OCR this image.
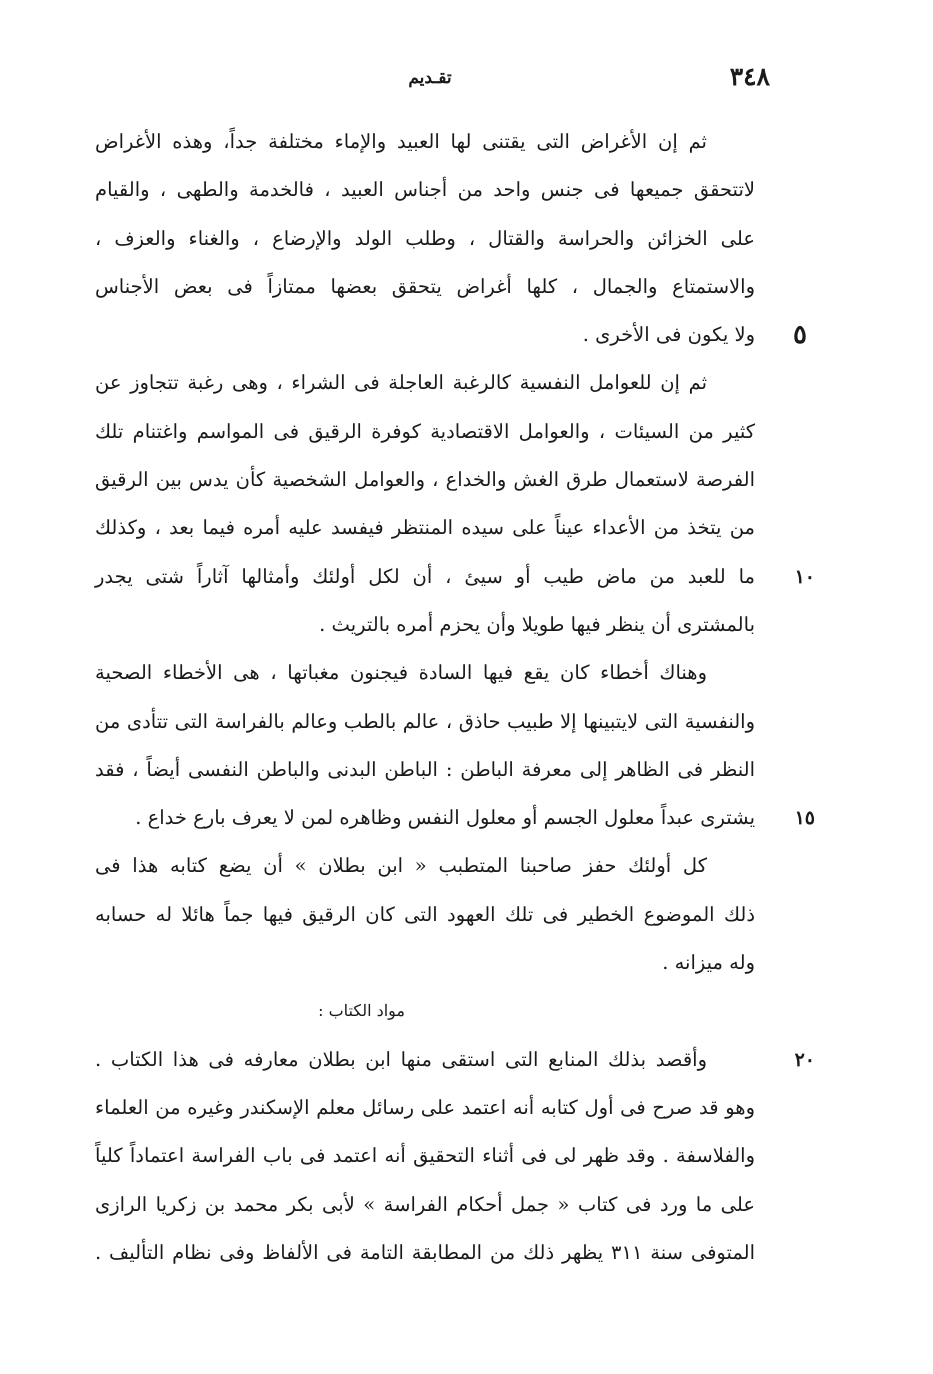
٣٤٨
تقـديم
ثم إن الأغراض التى يقتنى لها العبيد والإماء مختلفة جداً، وهذه الأغراض
لاتتحقق جميعها فى جنس واحد من أجناس العبيد ، فالخدمة والطهى ، والقيام
على الخزائن والحراسة والقتال ، وطلب الولد والإرضاع ، والغناء والعزف ،
والاستمتاع والجمال ، كلها أغراض يتحقق بعضها ممتازاً فى بعض الأجناس
ولا يكون فى الأخرى . ٥
ثم إن للعوامل النفسية كالرغبة العاجلة فى الشراء ، وهى رغبة تتجاوز عن
كثير من السيئات ، والعوامل الاقتصادية كوفرة الرقيق فى المواسم واغتنام تلك
الفرصة لاستعمال طرق الغش والخداع ، والعوامل الشخصية كأن يدس بين الرقيق
من يتخذ من الأعداء عيناً على سيده المنتظر فيفسد عليه أمره فيما بعد ، وكذلك
ما للعبد من ماض طيب أو سيئ ، أن لكل أولئك وأمثالها آثاراً شتى يجدر ١٠
بالمشترى أن ينظر فيها طويلا وأن يحزم أمره بالتريث .
وهناك أخطاء كان يقع فيها السادة فيجنون مغباتها ، هى الأخطاء الصحية
والنفسية التى لايتبينها إلا طبيب حاذق ، عالم بالطب وعالم بالفراسة التى تتأدى من
النظر فى الظاهر إلى معرفة الباطن : الباطن البدنى والباطن النفسى أيضاً ، فقد
يشترى عبداً معلول الجسم أو معلول النفس وظاهره لمن لا يعرف بارع خداع . ١٥
كل أولئك حفز صاحبنا المتطبب « ابن بطلان » أن يضع كتابه هذا فى
ذلك الموضوع الخطير فى تلك العهود التى كان الرقيق فيها جماً هائلا له حسابه
وله ميزانه .
مواد الكتاب :
وأقصد بذلك المنابع التى استقى منها ابن بطلان معارفه فى هذا الكتاب .	٢٠
وهو قد صرح فى أول كتابه أنه اعتمد على رسائل معلم الإسكندر وغيره من العلماء
والفلاسفة . وقد ظهر لى فى أثناء التحقيق أنه اعتمد فى باب الفراسة اعتماداً كلياً
على ما ورد فى كتاب « جمل أحكام الفراسة » لأبى بكر محمد بن زكريا الرازى
المتوفى سنة ٣١١ يظهر ذلك من المطابقة التامة فى الألفاظ وفى نظام التأليف .
